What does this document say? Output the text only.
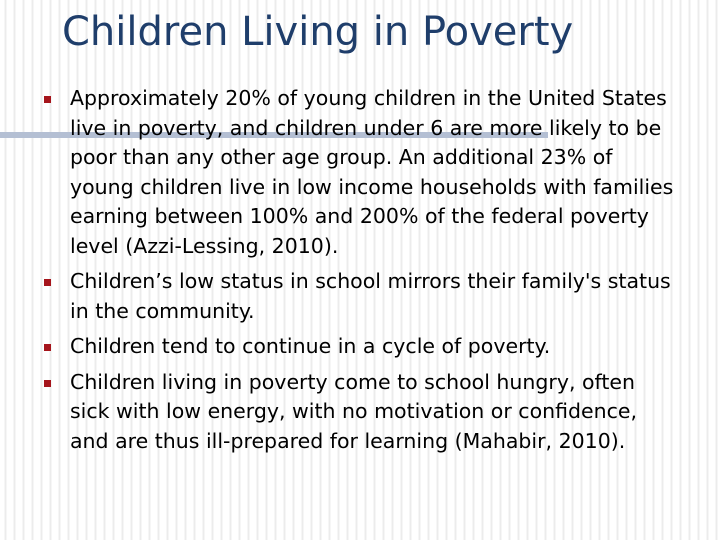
Children Living in Poverty
Approximately 20% of young children in the United States live in poverty, and children under 6 are more likely to be poor than any other age group. An additional 23% of young children live in low income households with families earning between 100% and 200% of the federal poverty level (Azzi-Lessing, 2010).
Children’s low status in school mirrors their family's status in the community.
Children tend to continue in a cycle of poverty.
Children living in poverty come to school hungry, often sick with low energy, with no motivation or confidence, and are thus ill-prepared for learning (Mahabir, 2010).
